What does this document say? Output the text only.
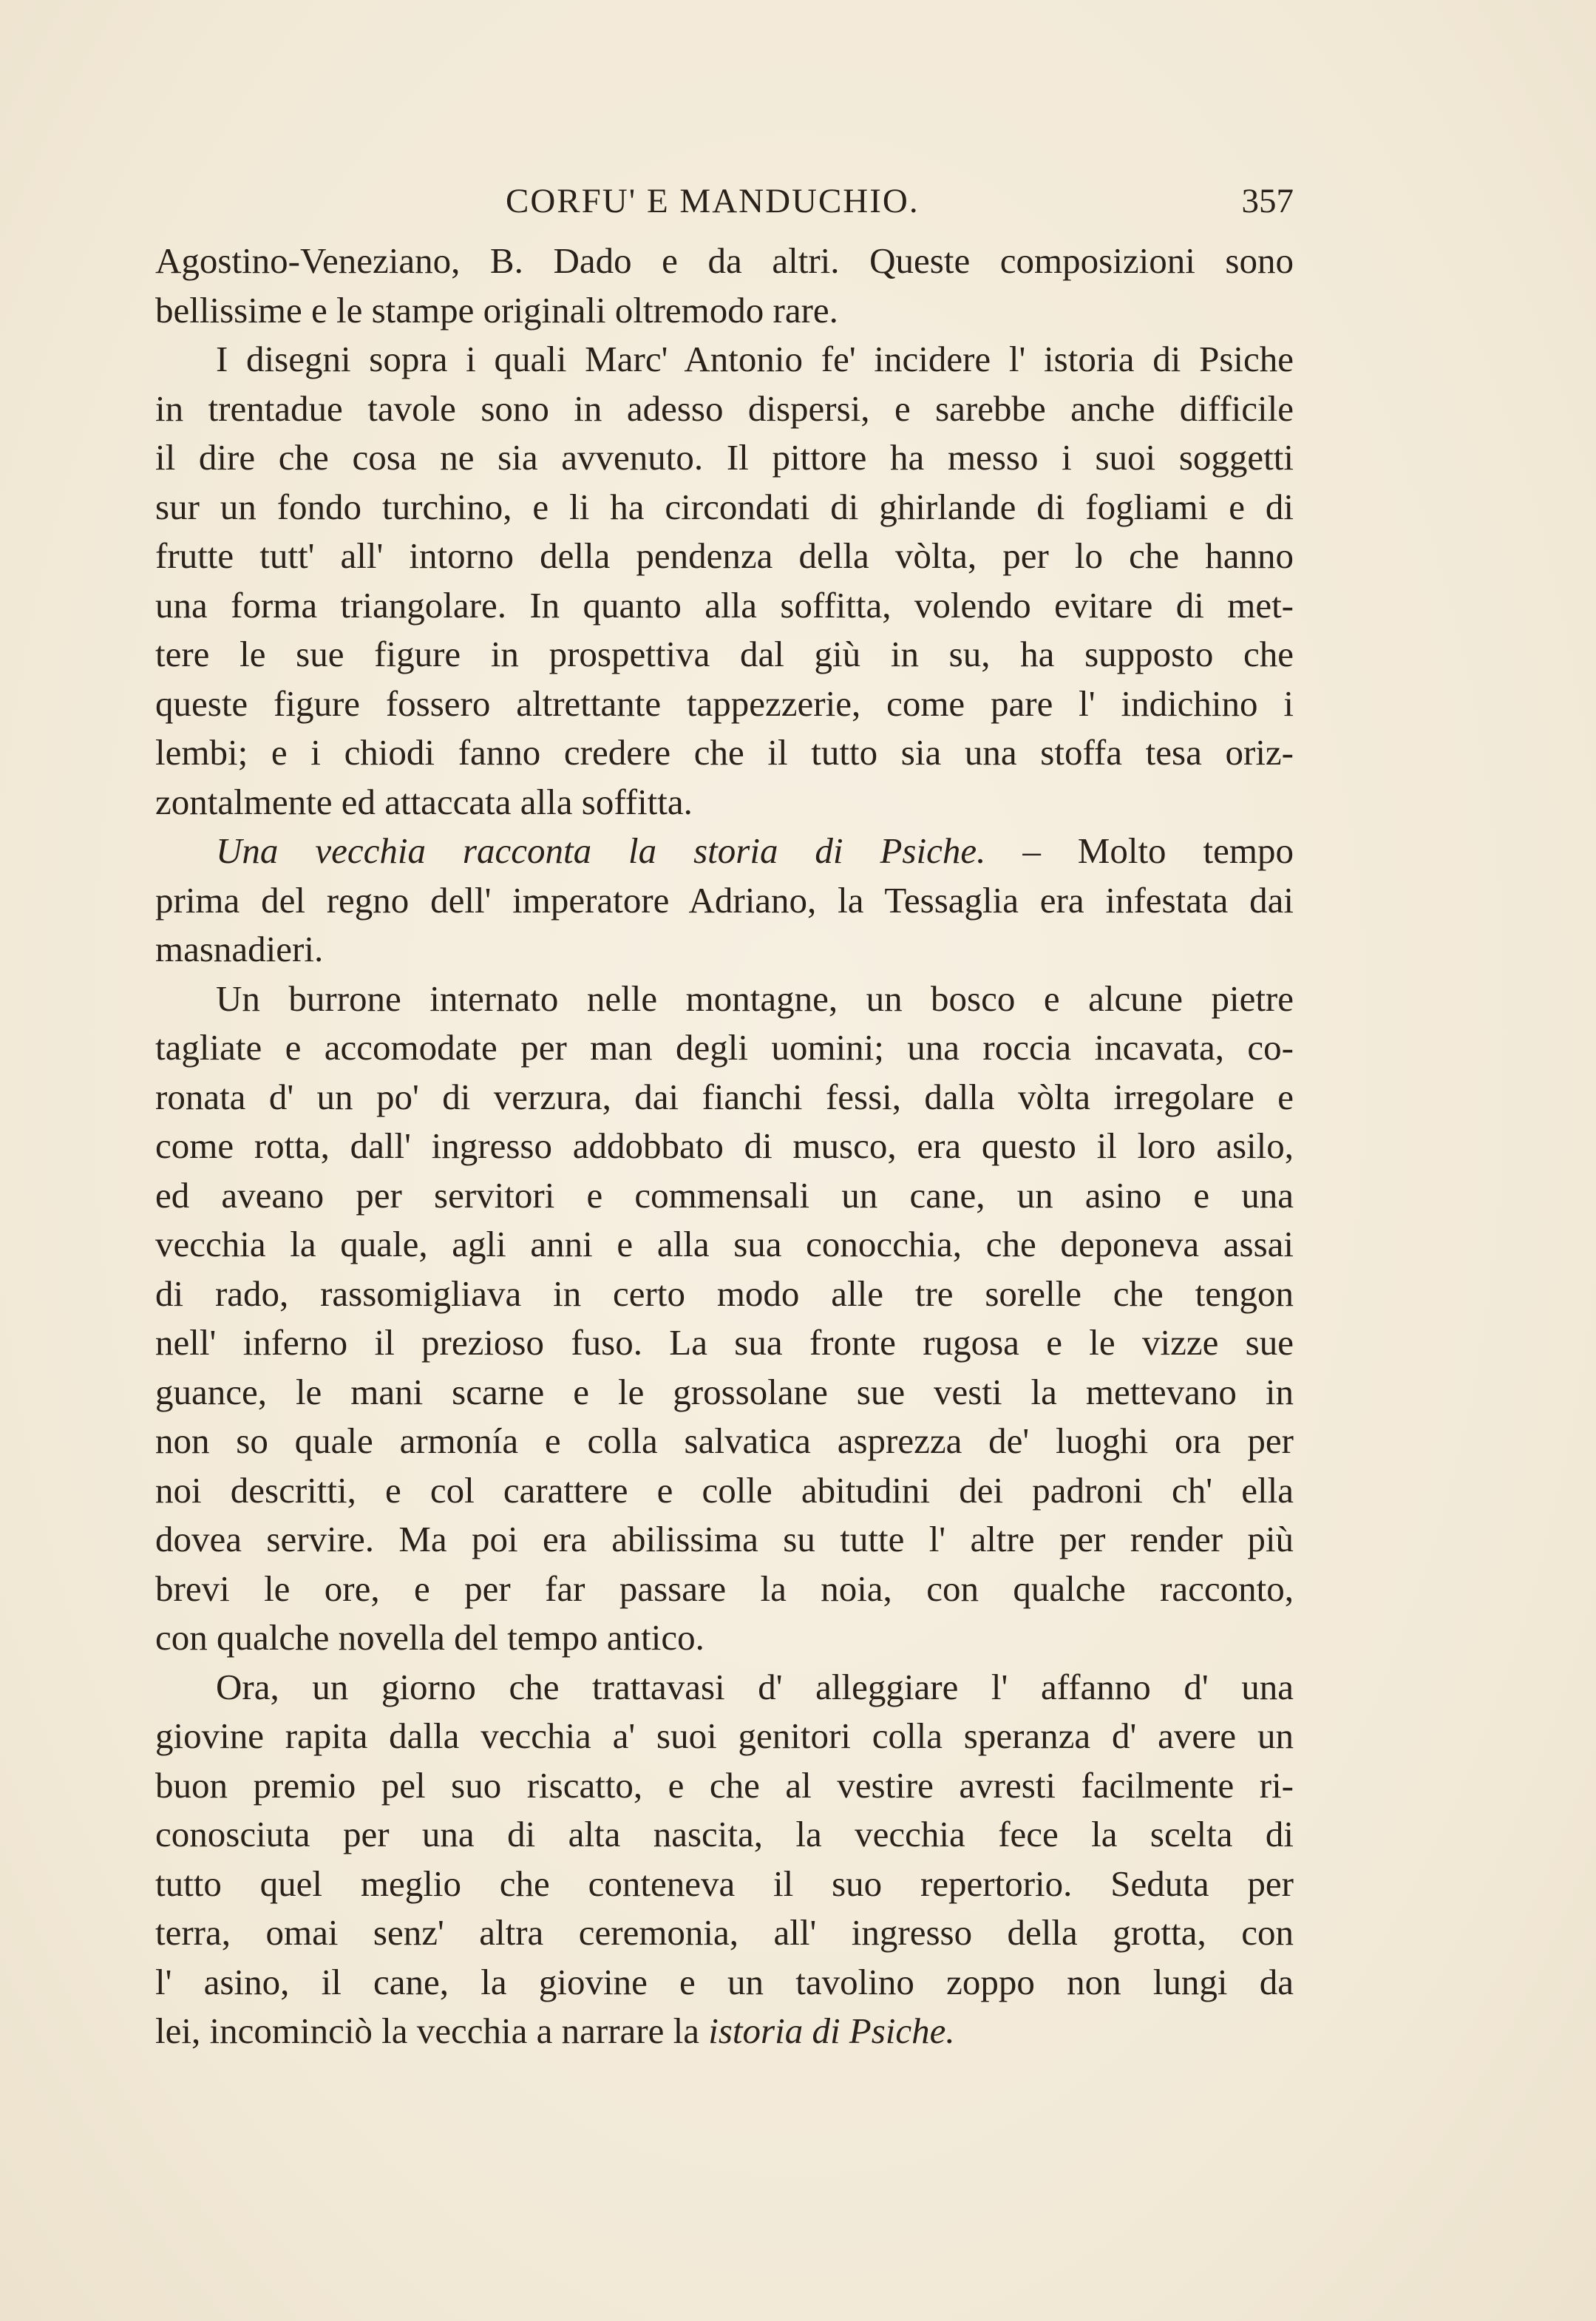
CORFU' E MANDUCHIO.	357
Agostino-Veneziano, B. Dado e da altri. Queste composizioni sono
bellissime e le stampe originali oltremodo rare.
I disegni sopra i quali Marc' Antonio fe' incidere l' istoria di Psiche
in trentadue tavole sono in adesso dispersi, e sarebbe anche difficile
il dire che cosa ne sia avvenuto. Il pittore ha messo i suoi soggetti
sur un fondo turchino, e li ha circondati di ghirlande di fogliami e di
frutte tutt' all' intorno della pendenza della vòlta, per lo che hanno
una forma triangolare. In quanto alla soffitta, volendo evitare di met-
tere le sue figure in prospettiva dal giù in su, ha supposto che
queste figure fossero altrettante tappezzerie, come pare l' indichino i
lembi; e i chiodi fanno credere che il tutto sia una stoffa tesa oriz-
zontalmente ed attaccata alla soffitta.
Una vecchia racconta la storia di Psiche. – Molto tempo
prima del regno dell' imperatore Adriano, la Tessaglia era infestata dai
masnadieri.
Un burrone internato nelle montagne, un bosco e alcune pietre
tagliate e accomodate per man degli uomini; una roccia incavata, co-
ronata d' un po' di verzura, dai fianchi fessi, dalla vòlta irregolare e
come rotta, dall' ingresso addobbato di musco, era questo il loro asilo,
ed aveano per servitori e commensali un cane, un asino e una
vecchia la quale, agli anni e alla sua conocchia, che deponeva assai
di rado, rassomigliava in certo modo alle tre sorelle che tengon
nell' inferno il prezioso fuso. La sua fronte rugosa e le vizze sue
guance, le mani scarne e le grossolane sue vesti la mettevano in
non so quale armonía e colla salvatica asprezza de' luoghi ora per
noi descritti, e col carattere e colle abitudini dei padroni ch' ella
dovea servire. Ma poi era abilissima su tutte l' altre per render più
brevi le ore, e per far passare la noia, con qualche racconto,
con qualche novella del tempo antico.
Ora, un giorno che trattavasi d' alleggiare l' affanno d' una
giovine rapita dalla vecchia a' suoi genitori colla speranza d' avere un
buon premio pel suo riscatto, e che al vestire avresti facilmente ri-
conosciuta per una di alta nascita, la vecchia fece la scelta di
tutto quel meglio che conteneva il suo repertorio. Seduta per
terra, omai senz' altra ceremonia, all' ingresso della grotta, con
l' asino, il cane, la giovine e un tavolino zoppo non lungi da
lei, incominciò la vecchia a narrare la istoria di Psiche.
